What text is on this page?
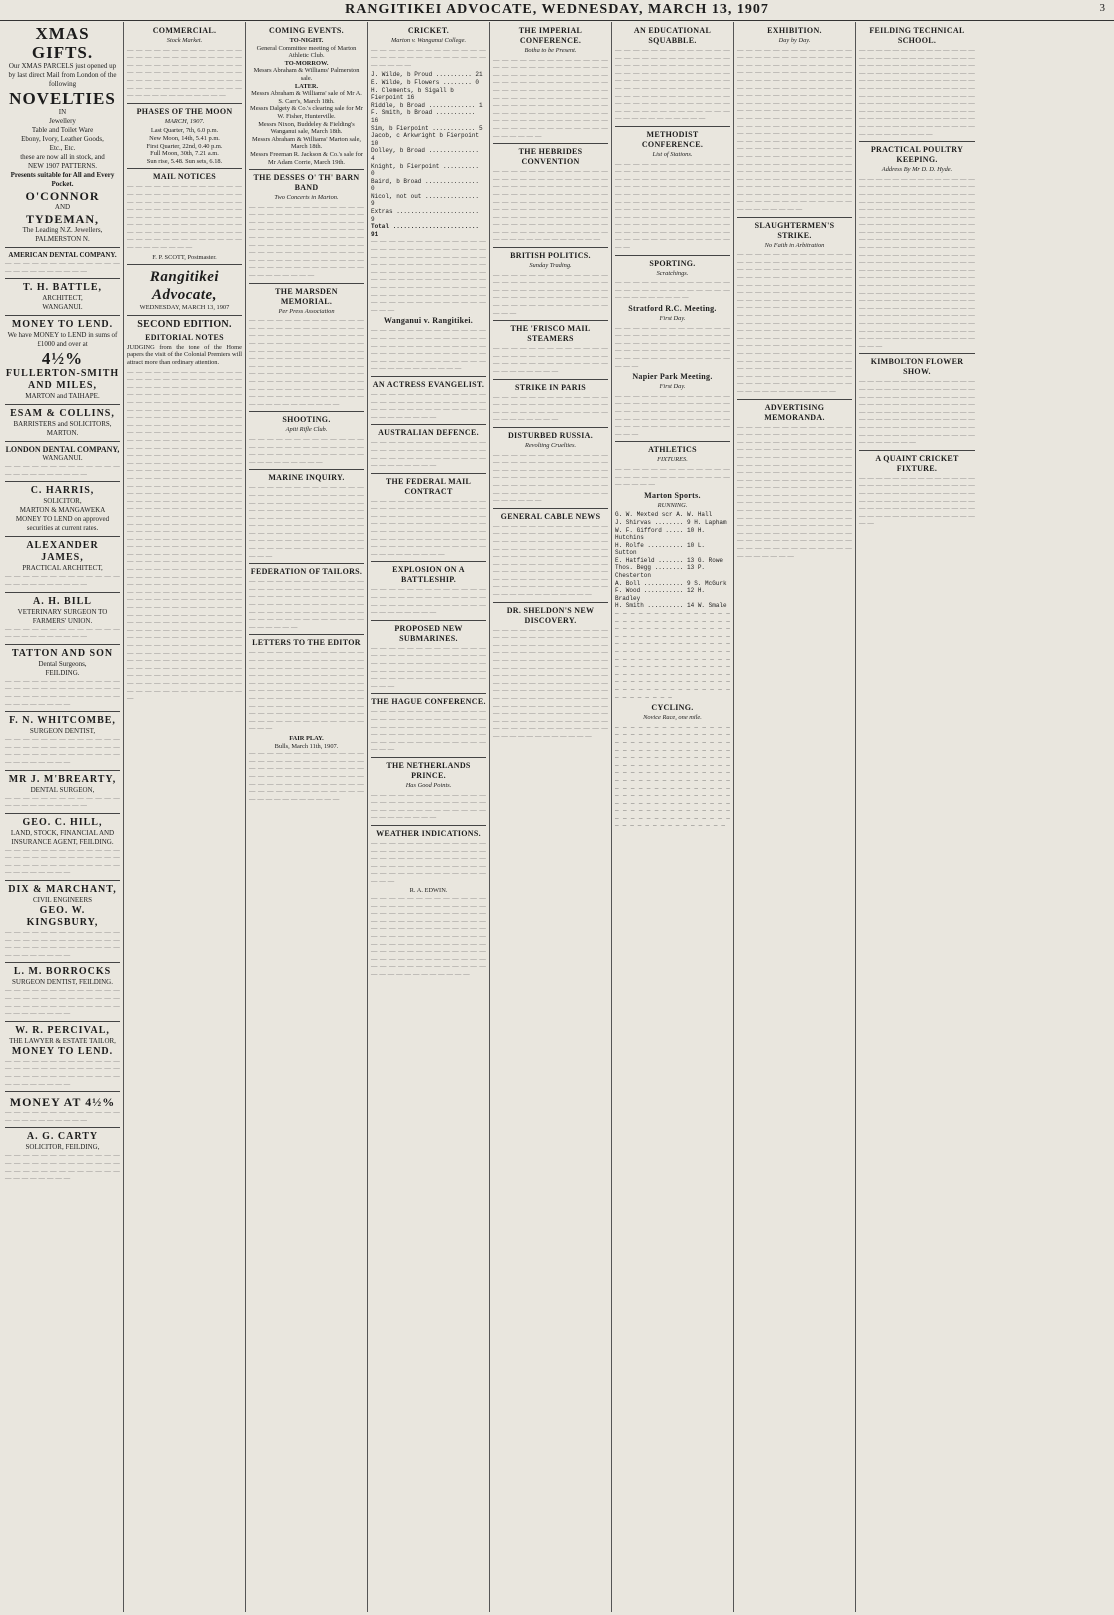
RANGITIKEI ADVOCATE, WEDNESDAY, MARCH 13, 1907	3
XMAS GIFTS.
Our XMAS PARCELS just opened up by last direct Mail from London of the following
NOVELTIES
IN
Jewellery
Table and Toilet Ware
Ebony, Ivory, Leather Goods,
Etc., Etc.
these are now all in stock, and
NEW 1907 PATTERNS.
Presents suitable for All and Every Pocket.
O'CONNOR
AND
TYDEMAN,
The Leading N.Z. Jewellers, PALMERSTON N.
AMERICAN DENTAL COMPANY.

— — — — — — — — — — — — — — — — — — — — — — —

T. H. BATTLE,
ARCHITECT,
WANGANUI.
MONEY TO LEND.
We have MONEY to LEND in sums of £1000 and over at
4½%
FULLERTON-SMITH AND MILES,
MARTON and TAIHAPE.
ESAM & COLLINS,
BARRISTERS and SOLICITORS, MARTON.
LONDON DENTAL COMPANY,
WANGANUI.

— — — — — — — — — — — — — — — — — — — — — — —

C. HARRIS,
SOLICITOR,
MARTON & MANGAWEKA
MONEY TO LEND on approved securities at current rates.
ALEXANDER JAMES,
PRACTICAL ARCHITECT,

— — — — — — — — — — — — — — — — — — — — — — —

A. H. BILL
VETERINARY SURGEON TO FARMERS' UNION.

— — — — — — — — — — — — — — — — — — — — — — —

TATTON AND SON
Dental Surgeons,
FEILDING.

— — — — — — — — — — — — — — — — — — — — — — — — — — — — — — — — — — — — — — — — — — — — — — —

F. N. WHITCOMBE,
SURGEON DENTIST,

— — — — — — — — — — — — — — — — — — — — — — — — — — — — — — — — — — — — — — — — — — — — — — —

MR J. M'BREARTY,
DENTAL SURGEON,

— — — — — — — — — — — — — — — — — — — — — — —

GEO. C. HILL,
LAND, STOCK, FINANCIAL AND INSURANCE AGENT, FEILDING.

— — — — — — — — — — — — — — — — — — — — — — — — — — — — — — — — — — — — — — — — — — — — — — —

DIX & MARCHANT,
CIVIL ENGINEERS
GEO. W. KINGSBURY,

— — — — — — — — — — — — — — — — — — — — — — — — — — — — — — — — — — — — — — — — — — — — — — —

L. M. BORROCKS
SURGEON DENTIST, FEILDING.

— — — — — — — — — — — — — — — — — — — — — — — — — — — — — — — — — — — — — — — — — — — — — — —

W. R. PERCIVAL,
THE LAWYER & ESTATE TAILOR,
MONEY TO LEND.

— — — — — — — — — — — — — — — — — — — — — — — — — — — — — — — — — — — — — — — — — — — — — — —

MONEY AT 4½%

— — — — — — — — — — — — — — — — — — — — — — —

A. G. CARTY
SOLICITOR, FEILDING,

— — — — — — — — — — — — — — — — — — — — — — — — — — — — — — — — — — — — — — — — — — — — — — —

COMMERCIAL.
Stock Market.

— — — — — — — — — — — — — — — — — — — — — — — — — — — — — — — — — — — — — — — — — — — — — — — — — — — — — — — — — — — — — — — — — — — — — — — — — — — — — — — — — — — — — — — — — —

PHASES OF THE MOON
MARCH, 1907.
Last Quarter, 7th, 6.0 p.m.
New Moon, 14th, 5.41 p.m.
First Quarter, 22nd, 0.40 p.m.
Full Moon, 30th, 7.21 a.m.
Sun rise, 5.48. Sun sets, 6.18.
MAIL NOTICES

— — — — — — — — — — — — — — — — — — — — — — — — — — — — — — — — — — — — — — — — — — — — — — — — — — — — — — — — — — — — — — — — — — — — — — — — — — — — — — — — — — — — — — — — — — — — — — — — — — — — — — — — — — — — — — — —

F. P. SCOTT, Postmaster.
Rangitikei Advocate,
WEDNESDAY, MARCH 13, 1907
SECOND EDITION.
EDITORIAL NOTES

JUDGING from the tone of the Home papers the visit of the Colonial Premiers will attract more than ordinary attention.

— — — — — — — — — — — — — — — — — — — — — — — — — — — — — — — — — — — — — — — — — — — — — — — — — — — — — — — — — — — — — — — — — — — — — — — — — — — — — — — — — — — — — — — — — — — — — — — — — — — — — — — — — — — — — — — — — — — — — — — — — — — — — — — — — — — — — — — — — — — — — — — — — — — — — — — — — — — — — — — — — — — — — — — — — — — — — — — — — — — — — — — — — — — — — — — — — — — — — — — — — — — — — — — — — — — — — — — — — — — — — — — — — — — — — — — — — — — — — — — — — — — — — — — — — — — — — — — — — — — — — — — — — — — — — — — — — — — — — — — — — — — — — — — — — — — — — — — — — — — — — — — — — — — — — — — — — — — — — — — — — — — — — — — — — — — — — — — — — — — — — — — — — — — — — — — — — — — — — — — — — — — — — — — — — — — — — — — — — — — — — — — — — — — — — — — — — — — — — — — — — — — — — — — — — — — — — — — — — — — — — — — — — — — — — — — — — — — — — — — — — — — — — — — — — — — — — — — — — — — — — — — — — — — — — — — — — — — — — — — — — — — — — — — — — — — — — — — — — — — — — — — — — — — — — — — — — — — — — — — — — — — — — — — — — — — — — — — — — — — — — — — — — — — — — — — — — — — — — — — —

COMING EVENTS.
TO-NIGHT.
General Committee meeting of Marton Athletic Club.
TO-MORROW.
Messrs Abraham & Williams' Palmerston sale.
LATER.
Messrs Abraham & Williams' sale of Mr A. S. Carr's, March 18th.
Messrs Dalgety & Co.'s clearing sale for Mr W. Fisher, Hunterville.
Messrs Nixon, Buddeley & Fielding's Wanganui sale, March 18th.
Messrs Abraham & Williams' Marton sale, March 18th.
Messrs Freeman R. Jackson & Co.'s sale for Mr Adam Corrie, March 19th.
THE DESSES O' TH' BARN BAND
Two Concerts in Marton.

— — — — — — — — — — — — — — — — — — — — — — — — — — — — — — — — — — — — — — — — — — — — — — — — — — — — — — — — — — — — — — — — — — — — — — — — — — — — — — — — — — — — — — — — — — — — — — — — — — — — — — — — — — — — — — — — — — — — — — — — — — — — —

THE MARSDEN MEMORIAL.
Per Press Association

— — — — — — — — — — — — — — — — — — — — — — — — — — — — — — — — — — — — — — — — — — — — — — — — — — — — — — — — — — — — — — — — — — — — — — — — — — — — — — — — — — — — — — — — — — — — — — — — — — — — — — — — — — — — — — — — — — — — — — — — — — — — — — — — — — — — — — — — — — — — — — — — — — — — — — — — — —

SHOOTING.
Apiti Rifle Club.

— — — — — — — — — — — — — — — — — — — — — — — — — — — — — — — — — — — — — — — — — — — — — — — —

MARINE INQUIRY.

— — — — — — — — — — — — — — — — — — — — — — — — — — — — — — — — — — — — — — — — — — — — — — — — — — — — — — — — — — — — — — — — — — — — — — — — — — — — — — — — — — — — — — — — — — — — — — — — — — — — — — — — — — — — — — — — — — — — — — — —

FEDERATION OF TAILORS.

— — — — — — — — — — — — — — — — — — — — — — — — — — — — — — — — — — — — — — — — — — — — — — — — — — — — — — — — — — — — — — — — — — — — — — — — — — — — — — — — — — — —

LETTERS TO THE EDITOR

— — — — — — — — — — — — — — — — — — — — — — — — — — — — — — — — — — — — — — — — — — — — — — — — — — — — — — — — — — — — — — — — — — — — — — — — — — — — — — — — — — — — — — — — — — — — — — — — — — — — — — — — — — — — — — — — — — — — — — — — — — — — — — — — — — — — —

FAIR PLAY.
Bulls, March 11th, 1907.

— — — — — — — — — — — — — — — — — — — — — — — — — — — — — — — — — — — — — — — — — — — — — — — — — — — — — — — — — — — — — — — — — — — — — — — — — — — — — — — — — — — — — — — — —

CRICKET.
Marton v. Wanganui College.

— — — — — — — — — — — — — — — — — — — — — — — — — — — — — — —

J. Wilde, b Proud .......... 21
E. Wilde, b Flowers ........ 0
H. Clements, b Sigall b Fierpoint 16
Riddle, b Broad ............. 1
F. Smith, b Broad ........... 16
Sim, b Fierpoint ............ 5
Jacob, c Arkwright b Fierpoint 10
Dolley, b Broad .............. 4
Knight, b Fierpoint .......... 0
Baird, b Broad ............... 0
Nicol, not out ............... 9
Extras ....................... 9
Total ........................ 91

— — — — — — — — — — — — — — — — — — — — — — — — — — — — — — — — — — — — — — — — — — — — — — — — — — — — — — — — — — — — — — — — — — — — — — — — — — — — — — — — — — — — — — — — — — — — — — — — — — — — — — — — — — — — — — — — — — — — — — — —

Wanganui v. Rangitikei.

— — — — — — — — — — — — — — — — — — — — — — — — — — — — — — — — — — — — — — — — — — — — — — — — — — — — — — — — — — — — — — — — — — — — — — — — — — — —

AN ACTRESS EVANGELIST.

— — — — — — — — — — — — — — — — — — — — — — — — — — — — — — — — — — — — — — — — — — — — — — —

AUSTRALIAN DEFENCE.

— — — — — — — — — — — — — — — — — — — — — — — — — — — — — — — — — — — — — — — — — — — — — — —

THE FEDERAL MAIL CONTRACT

— — — — — — — — — — — — — — — — — — — — — — — — — — — — — — — — — — — — — — — — — — — — — — — — — — — — — — — — — — — — — — — — — — — — — — — — — — — — — — — — — — — — — — — — — — — — — — — — — — — —

EXPLOSION ON A BATTLESHIP.

— — — — — — — — — — — — — — — — — — — — — — — — — — — — — — — — — — — — — — — — — — — — — — —

PROPOSED NEW SUBMARINES.

— — — — — — — — — — — — — — — — — — — — — — — — — — — — — — — — — — — — — — — — — — — — — — — — — — — — — — — — — — — — — — — — — — — —

THE HAGUE CONFERENCE.

— — — — — — — — — — — — — — — — — — — — — — — — — — — — — — — — — — — — — — — — — — — — — — — — — — — — — — — — — — — — — — — — — — — —

THE NETHERLANDS PRINCE.
Has Good Points.

— — — — — — — — — — — — — — — — — — — — — — — — — — — — — — — — — — — — — — — — — — — — — — —

WEATHER INDICATIONS.

— — — — — — — — — — — — — — — — — — — — — — — — — — — — — — — — — — — — — — — — — — — — — — — — — — — — — — — — — — — — — — — — — — — —

R. A. EDWIN.

— — — — — — — — — — — — — — — — — — — — — — — — — — — — — — — — — — — — — — — — — — — — — — — — — — — — — — — — — — — — — — — — — — — — — — — — — — — — — — — — — — — — — — — — — — — — — — — — — — — — — — — — — — — — — — — — — — — — — — — — — — — — — — — — — — — — — — — — — — — — — —

THE IMPERIAL CONFERENCE.
Botha to be Present.

— — — — — — — — — — — — — — — — — — — — — — — — — — — — — — — — — — — — — — — — — — — — — — — — — — — — — — — — — — — — — — — — — — — — — — — — — — — — — — — — — — — — — — — — — — — — — — — — — — — — — — — — — — — — — — — — — — — — — — — — — — — — — — — — — — — — — — — —

THE HEBRIDES CONVENTION

— — — — — — — — — — — — — — — — — — — — — — — — — — — — — — — — — — — — — — — — — — — — — — — — — — — — — — — — — — — — — — — — — — — — — — — — — — — — — — — — — — — — — — — — — — — — — — — — — — — — — — — — — — — — — — — — — — — — — — — — — — — — — — — — — —

BRITISH POLITICS.
Sunday Trading.

— — — — — — — — — — — — — — — — — — — — — — — — — — — — — — — — — — — — — — — — — — — — — — — — — — — — — — — — — — — — — — — — — — — —

THE 'FRISCO MAIL STEAMERS

— — — — — — — — — — — — — — — — — — — — — — — — — — — — — — — — — — — — — — — — — — — — — — —

STRIKE IN PARIS

— — — — — — — — — — — — — — — — — — — — — — — — — — — — — — — — — — — — — — — — — — — — — — —

DISTURBED RUSSIA.
Revolting Cruelties.

— — — — — — — — — — — — — — — — — — — — — — — — — — — — — — — — — — — — — — — — — — — — — — — — — — — — — — — — — — — — — — — — — — — — — — — — — — — — — — — — — — — —

GENERAL CABLE NEWS

— — — — — — — — — — — — — — — — — — — — — — — — — — — — — — — — — — — — — — — — — — — — — — — — — — — — — — — — — — — — — — — — — — — — — — — — — — — — — — — — — — — — — — — — — — — — — — — — — — — — — — — — — — — — — — — — — — — — — — — — — — — — — — — — —

DR. SHELDON'S NEW DISCOVERY.

— — — — — — — — — — — — — — — — — — — — — — — — — — — — — — — — — — — — — — — — — — — — — — — — — — — — — — — — — — — — — — — — — — — — — — — — — — — — — — — — — — — — — — — — — — — — — — — — — — — — — — — — — — — — — — — — — — — — — — — — — — — — — — — — — — — — — — — — — — — — — — — — — — — — — — — — — — — — — — — — — — — — — — — — — — — — — — — — — — — — — — — — — — — — — — — — — —

AN EDUCATIONAL SQUABBLE.

— — — — — — — — — — — — — — — — — — — — — — — — — — — — — — — — — — — — — — — — — — — — — — — — — — — — — — — — — — — — — — — — — — — — — — — — — — — — — — — — — — — — — — — — — — — — — — — — — — — — — — — — — — — — — — — — — — — — — — — — — — — — — — — —

METHODIST CONFERENCE.
List of Stations.

— — — — — — — — — — — — — — — — — — — — — — — — — — — — — — — — — — — — — — — — — — — — — — — — — — — — — — — — — — — — — — — — — — — — — — — — — — — — — — — — — — — — — — — — — — — — — — — — — — — — — — — — — — — — — — — — — — — — — — — — — — — — — — — — — — — — — — — — — — — — — — — — —

SPORTING.
Scratchings.

— — — — — — — — — — — — — — — — — — — — — — — — — — — — — — — — — — —

Stratford R.C. Meeting.
First Day.

— — — — — — — — — — — — — — — — — — — — — — — — — — — — — — — — — — — — — — — — — — — — — — — — — — — — — — — — — — — — — — — — — — — —

Napier Park Meeting.
First Day.

— — — — — — — — — — — — — — — — — — — — — — — — — — — — — — — — — — — — — — — — — — — — — — — — — — — — — — — — — — — — — — — — — — — —

ATHLETICS
FIXTURES.

— — — — — — — — — — — — — — — — — — — — — — — — — — — — — — —

Marton Sports.
RUNNING.
G. W. Mexted scr A. W. Hall
J. Shirvas ........ 9 H. Lapham
W. F. Gifford ..... 10 H. Hutchins
H. Rolfe .......... 10 L. Sutton
E. Hatfield ....... 13 G. Rowe
Thos. Begg ........ 13 P. Chesterton
A. Boll ........... 9 S. McGurk
F. Wood ........... 12 H. Bradley
H. Smith .......... 14 W. Smale

— — — — — — — — — — — — — — — — — — — — — — — — — — — — — — — — — — — — — — — — — — — — — — — — — — — — — — — — — — — — — — — — — — — — — — — — — — — — — — — — — — — — — — — — — — — — — — — — — — — — — — — — — — — — — — — — — — — — — — — — — — — — — — — — — — — — — — — — — — — — — — — — — — — — — — — — — — — — — — — — — — — — — — — — — — — — —

CYCLING.
Novice Race, one mile.

— — — — — — — — — — — — — — — — — — — — — — — — — — — — — — — — — — — — — — — — — — — — — — — — — — — — — — — — — — — — — — — — — — — — — — — — — — — — — — — — — — — — — — — — — — — — — — — — — — — — — — — — — — — — — — — — — — — — — — — — — — — — — — — — — — — — — — — — — — — — — — — — — — — — — — — — — — — — — — — — — — — — — — — — — — — — — — — — — — — — — — — — — — — — — — — — — — — — — — — — — — — — — — — — — —

EXHIBITION.
Day by Day.

— — — — — — — — — — — — — — — — — — — — — — — — — — — — — — — — — — — — — — — — — — — — — — — — — — — — — — — — — — — — — — — — — — — — — — — — — — — — — — — — — — — — — — — — — — — — — — — — — — — — — — — — — — — — — — — — — — — — — — — — — — — — — — — — — — — — — — — — — — — — — — — — — — — — — — — — — — — — — — — — — — — — — — — — — — — — — — — — — — — — — — — — — — — — — — — — — — — — — — — — — — — — — — — — — — — — — — — — — — — — — — — — — — — — — — — — — — — — — — — — — — — — — — — — — — — — — — — — — — — — — — — — — — — — — — — — — — — — — — — — —

SLAUGHTERMEN'S STRIKE.
No Faith in Arbitration

— — — — — — — — — — — — — — — — — — — — — — — — — — — — — — — — — — — — — — — — — — — — — — — — — — — — — — — — — — — — — — — — — — — — — — — — — — — — — — — — — — — — — — — — — — — — — — — — — — — — — — — — — — — — — — — — — — — — — — — — — — — — — — — — — — — — — — — — — — — — — — — — — — — — — — — — — — — — — — — — — — — — — — — — — — — — — — — — — — — — — — — — — — — — — — — — — — — — — — — — — — — — — — — — — — — — — — — — — — — — — — — — — — — — — — — — — — — — — — — — — — — — — —

ADVERTISING MEMORANDA.

— — — — — — — — — — — — — — — — — — — — — — — — — — — — — — — — — — — — — — — — — — — — — — — — — — — — — — — — — — — — — — — — — — — — — — — — — — — — — — — — — — — — — — — — — — — — — — — — — — — — — — — — — — — — — — — — — — — — — — — — — — — — — — — — — — — — — — — — — — — — — — — — — — — — — — — — — — — — — — — — — — — — — — — — — — — — — — — — — — — — — — — — — — — — — — — — — — — — — — — — — — — — — — — — — — — — — — — — — — — — — — — — — — — —

FEILDING TECHNICAL SCHOOL.

— — — — — — — — — — — — — — — — — — — — — — — — — — — — — — — — — — — — — — — — — — — — — — — — — — — — — — — — — — — — — — — — — — — — — — — — — — — — — — — — — — — — — — — — — — — — — — — — — — — — — — — — — — — — — — — — — — — — — — — — — — — — — — — — — — — — — — — — — — — — — — — — — — — — — — — — — — — — — — — — — — —

PRACTICAL POULTRY KEEPING.
Address By Mr D. D. Hyde.

— — — — — — — — — — — — — — — — — — — — — — — — — — — — — — — — — — — — — — — — — — — — — — — — — — — — — — — — — — — — — — — — — — — — — — — — — — — — — — — — — — — — — — — — — — — — — — — — — — — — — — — — — — — — — — — — — — — — — — — — — — — — — — — — — — — — — — — — — — — — — — — — — — — — — — — — — — — — — — — — — — — — — — — — — — — — — — — — — — — — — — — — — — — — — — — — — — — — — — — — — — — — — — — — — — — — — — — — — — — — — — — — — — — — — — — — — — — — — — — — — — — — — — — — — — — — — — — — — — — — — — — — — — — — — — — — — — — — — — — — — — — — — — — — — — — — — — — — — — — — — — — — — — — — — — —

KIMBOLTON FLOWER SHOW.

— — — — — — — — — — — — — — — — — — — — — — — — — — — — — — — — — — — — — — — — — — — — — — — — — — — — — — — — — — — — — — — — — — — — — — — — — — — — — — — — — — — — — — — — — — — — — — — — — — — — — — — — — — — — — — — — — — — — — — —

A QUAINT CRICKET FIXTURE.

— — — — — — — — — — — — — — — — — — — — — — — — — — — — — — — — — — — — — — — — — — — — — — — — — — — — — — — — — — — — — — — — — — — — — — — — — — — — — — — — — — — — — —
